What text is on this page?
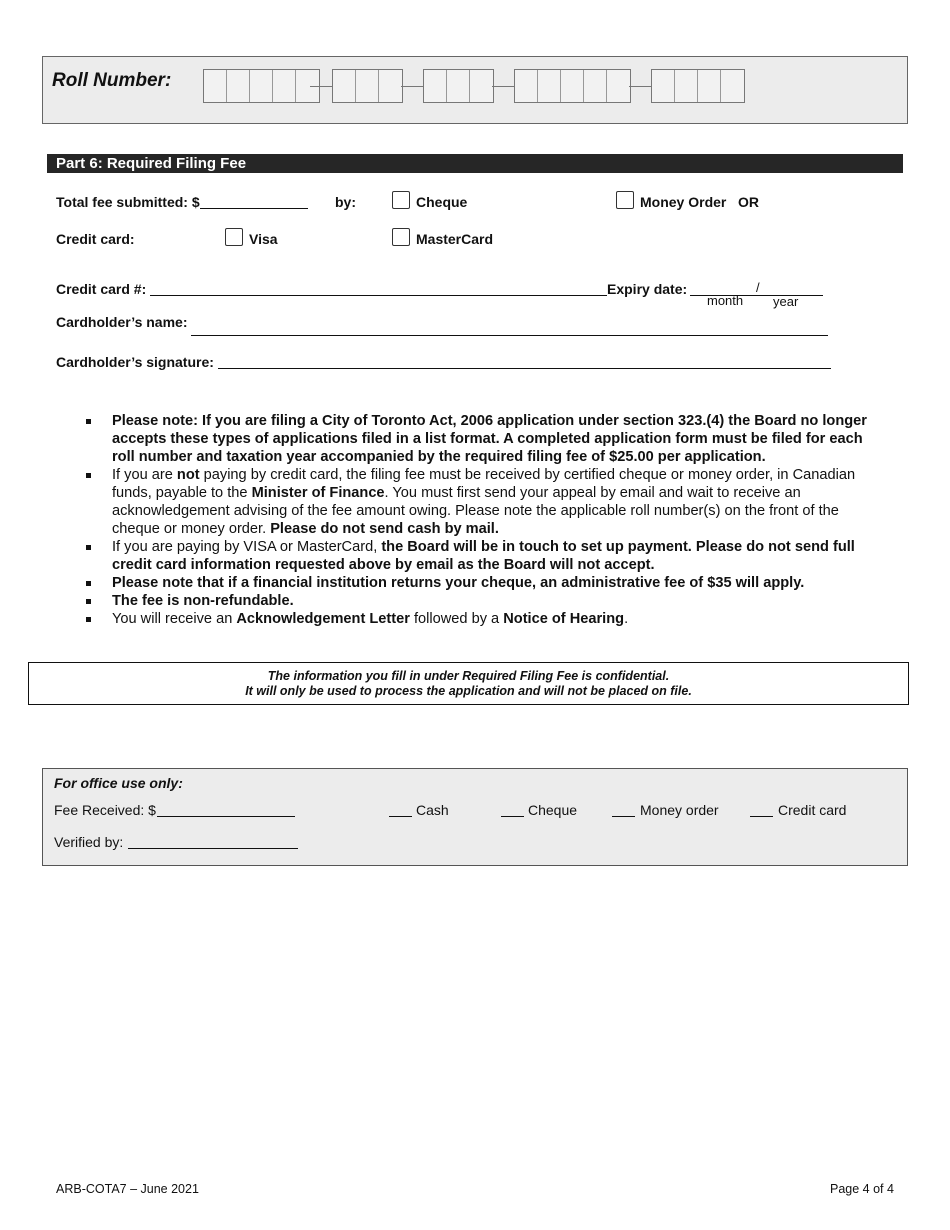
Roll Number:
Part 6: Required Filing Fee
Total fee submitted: $	by:	Cheque	Money Order OR
Credit card:	Visa	MasterCard
Credit card #:	Expiry date:	/
month year
Cardholder’s name:
Cardholder’s signature:
Please note: If you are filing a City of Toronto Act, 2006 application under section 323.(4) the Board no longer accepts these types of applications filed in a list format. A completed application form must be filed for each roll number and taxation year accompanied by the required filing fee of $25.00 per application.
If you are not paying by credit card, the filing fee must be received by certified cheque or money order, in Canadian funds, payable to the Minister of Finance. You must first send your appeal by email and wait to receive an acknowledgement advising of the fee amount owing. Please note the applicable roll number(s) on the front of the cheque or money order. Please do not send cash by mail.
If you are paying by VISA or MasterCard, the Board will be in touch to set up payment. Please do not send full credit card information requested above by email as the Board will not accept.
Please note that if a financial institution returns your cheque, an administrative fee of $35 will apply.
The fee is non-refundable.
You will receive an Acknowledgement Letter followed by a Notice of Hearing.
The information you fill in under Required Filing Fee is confidential.
It will only be used to process the application and will not be placed on file.
For office use only:
Fee Received: $	Cash	Cheque	Money order	Credit card
Verified by:
ARB-COTA7 – June 2021	Page 4 of 4
